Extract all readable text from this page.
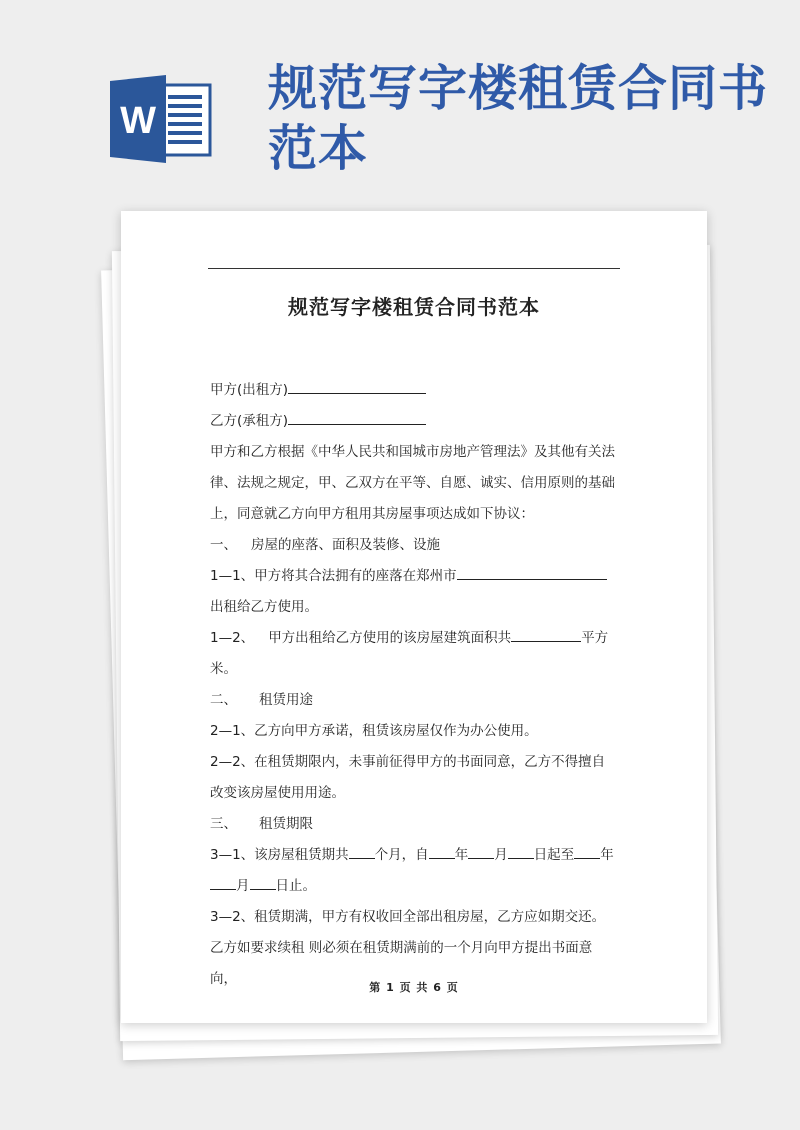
规范写字楼租赁合同书范本
W
规范写字楼租赁合同书范本

甲方(出租方)

乙方(承租方)

甲方和乙方根据《中华人民共和国城市房地产管理法》及其他有关法律、法规之规定，甲、乙双方在平等、自愿、诚实、信用原则的基础上，同意就乙方向甲方租用其房屋事项达成如下协议：

一、 房屋的座落、面积及装修、设施

1—1、甲方将其合法拥有的座落在郑州市

出租给乙方使用。

1—2、 甲方出租给乙方使用的该房屋建筑面积共	平方米。

二、 租赁用途

2—1、乙方向甲方承诺，租赁该房屋仅作为办公使用。

2—2、在租赁期限内，未事前征得甲方的书面同意，乙方不得擅自改变该房屋使用用途。

三、 租赁期限

3—1、该房屋租赁期共 个月，自 年 月 日起至 年月 日止。

3—2、租赁期满，甲方有权收回全部出租房屋，乙方应如期交还。

乙方如要求续租 则必须在租赁期满前的一个月向甲方提出书面意向，

第 1 页 共 6 页
